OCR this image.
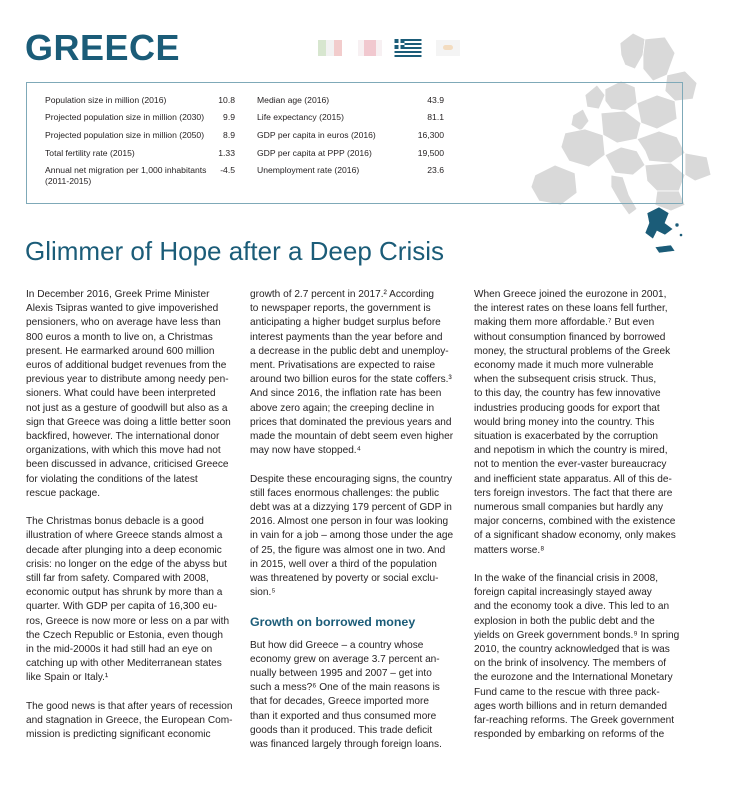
GREECE
Population size in million (2016)	10.8
Projected population size in million (2030)	9.9
Projected population size in million (2050)	8.9
Total fertility rate (2015)	1.33
Annual net migration per 1,000 inhabitants
(2011-2015)
-4.5
Median age (2016)	43.9
Life expectancy (2015)	81.1
GDP per capita in euros (2016)	16,300
GDP per capita at PPP (2016)	19,500
Unemployment rate (2016)	23.6
Glimmer of Hope after a Deep Crisis

In December 2016, Greek Prime Minister
Alexis Tsipras wanted to give impoverished
pensioners, who on average have less than
800 euros a month to live on, a Christmas
present. He earmarked around 600 million
euros of additional budget revenues from the
previous year to distribute among needy pen-
sioners. What could have been interpreted
not just as a gesture of goodwill but also as a
sign that Greece was doing a little better soon
backfired, however. The international donor
organizations, with which this move had not
been discussed in advance, criticised Greece
for violating the conditions of the latest
rescue package.

The Christmas bonus debacle is a good
illustration of where Greece stands almost a
decade after plunging into a deep economic
crisis: no longer on the edge of the abyss but
still far from safety. Compared with 2008,
economic output has shrunk by more than a
quarter. With GDP per capita of 16,300 eu-
ros, Greece is now more or less on a par with
the Czech Republic or Estonia, even though
in the mid-2000s it had still had an eye on
catching up with other Mediterranean states
like Spain or Italy.¹

The good news is that after years of recession
and stagnation in Greece, the European Com-
mission is predicting significant economic

growth of 2.7 percent in 2017.² According
to newspaper reports, the government is
anticipating a higher budget surplus before
interest payments than the year before and
a decrease in the public debt and unemploy-
ment. Privatisations are expected to raise
around two billion euros for the state coffers.³
And since 2016, the inflation rate has been
above zero again; the creeping decline in
prices that dominated the previous years and
made the mountain of debt seem even higher
may now have stopped.⁴

Despite these encouraging signs, the country
still faces enormous challenges: the public
debt was at a dizzying 179 percent of GDP in
2016. Almost one person in four was looking
in vain for a job – among those under the age
of 25, the figure was almost one in two. And
in 2015, well over a third of the population
was threatened by poverty or social exclu-
sion.⁵

Growth on borrowed money

But how did Greece – a country whose
economy grew on average 3.7 percent an-
nually between 1995 and 2007 – get into
such a mess?⁶ One of the main reasons is
that for decades, Greece imported more
than it exported and thus consumed more
goods than it produced. This trade deficit
was financed largely through foreign loans.

When Greece joined the eurozone in 2001,
the interest rates on these loans fell further,
making them more affordable.⁷ But even
without consumption financed by borrowed
money, the structural problems of the Greek
economy made it much more vulnerable
when the subsequent crisis struck. Thus,
to this day, the country has few innovative
industries producing goods for export that
would bring money into the country. This
situation is exacerbated by the corruption
and nepotism in which the country is mired,
not to mention the ever-vaster bureaucracy
and inefficient state apparatus. All of this de-
ters foreign investors. The fact that there are
numerous small companies but hardly any
major concerns, combined with the existence
of a significant shadow economy, only makes
matters worse.⁸

In the wake of the financial crisis in 2008,
foreign capital increasingly stayed away
and the economy took a dive. This led to an
explosion in both the public debt and the
yields on Greek government bonds.⁹ In spring
2010, the country acknowledged that is was
on the brink of insolvency. The members of
the eurozone and the International Monetary
Fund came to the rescue with three pack-
ages worth billions and in return demanded
far-reaching reforms. The Greek government
responded by embarking on reforms of the
